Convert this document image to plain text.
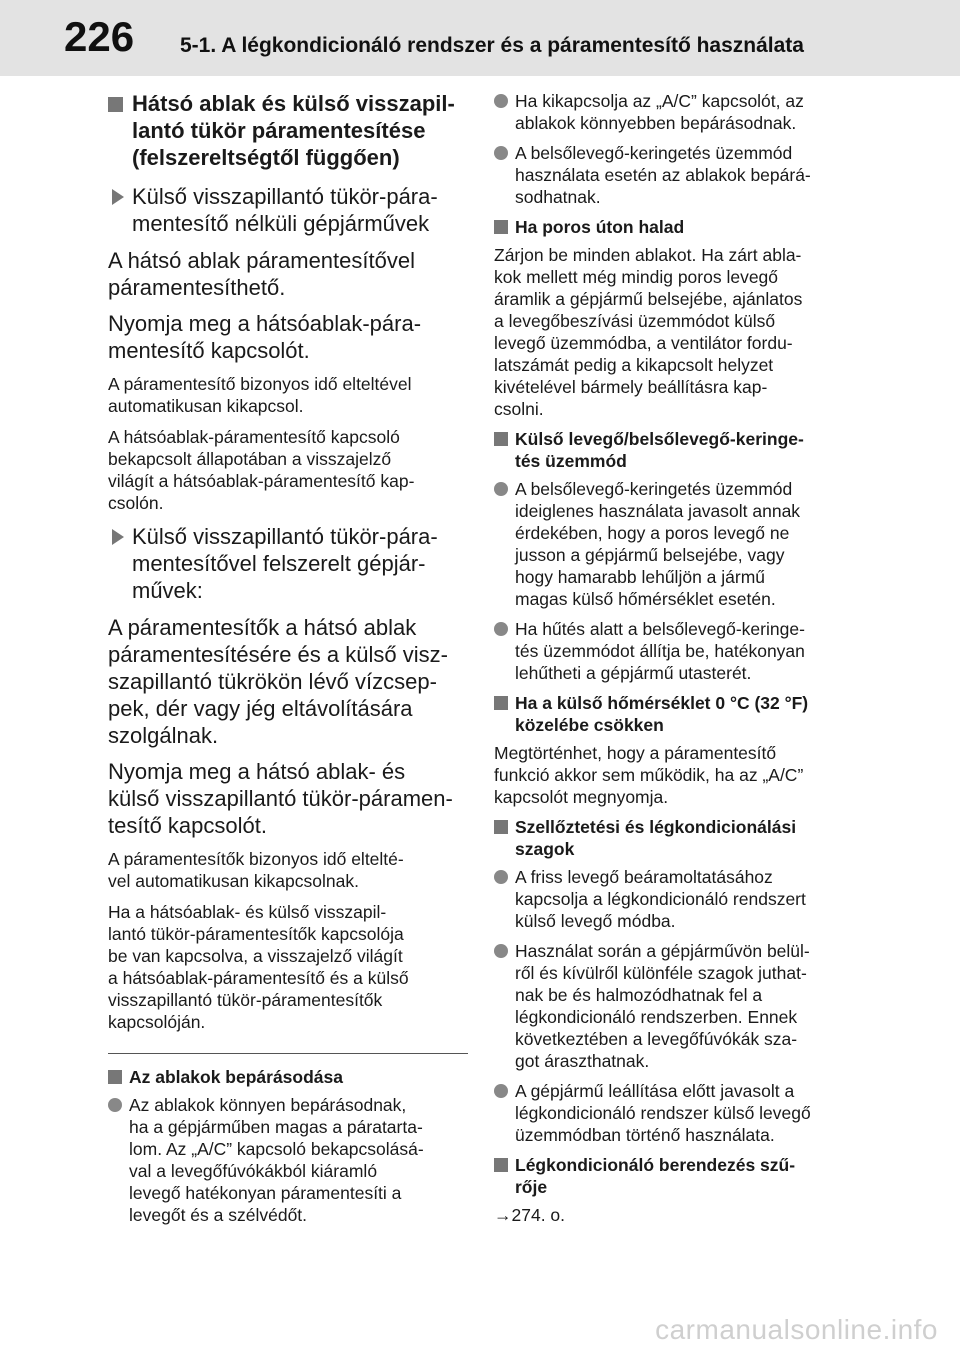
226 5-1. A légkondicionáló rendszer és a páramentesítő használata
Hátsó ablak és külső visszapil-
lantó tükör páramentesítése
(felszereltségtől függően)
Külső visszapillantó tükör-pára-
mentesítő nélküli gépjárművek
A hátsó ablak páramentesítővel
páramentesíthető.
Nyomja meg a hátsóablak-pára-
mentesítő kapcsolót.
A páramentesítő bizonyos idő elteltével
automatikusan kikapcsol.
A hátsóablak-páramentesítő kapcsoló
bekapcsolt állapotában a visszajelző
világít a hátsóablak-páramentesítő kap-
csolón.
Külső visszapillantó tükör-pára-
mentesítővel felszerelt gépjár-
művek:
A páramentesítők a hátsó ablak
páramentesítésére és a külső visz-
szapillantó tükrökön lévő vízcsep-
pek, dér vagy jég eltávolítására
szolgálnak.
Nyomja meg a hátsó ablak- és
külső visszapillantó tükör-páramen-
tesítő kapcsolót.
A páramentesítők bizonyos idő eltelté-
vel automatikusan kikapcsolnak.
Ha a hátsóablak- és külső visszapil-
lantó tükör-páramentesítők kapcsolója
be van kapcsolva, a visszajelző világít
a hátsóablak-páramentesítő és a külső
visszapillantó tükör-páramentesítők
kapcsolóján.
Az ablakok bepárásodása
Az ablakok könnyen bepárásodnak,
ha a gépjárműben magas a páratarta-
lom. Az „A/C” kapcsoló bekapcsolásá-
val a levegőfúvókákból kiáramló
levegő hatékonyan páramentesíti a
levegőt és a szélvédőt.
Ha kikapcsolja az „A/C” kapcsolót, az
ablakok könnyebben bepárásodnak.
A belsőlevegő-keringetés üzemmód
használata esetén az ablakok bepárá-
sodhatnak.
Ha poros úton halad
Zárjon be minden ablakot. Ha zárt abla-
kok mellett még mindig poros levegő
áramlik a gépjármű belsejébe, ajánlatos
a levegőbeszívási üzemmódot külső
levegő üzemmódba, a ventilátor fordu-
latszámát pedig a kikapcsolt helyzet
kivételével bármely beállításra kap-
csolni.
Külső levegő/belsőlevegő-keringe-
tés üzemmód
A belsőlevegő-keringetés üzemmód
ideiglenes használata javasolt annak
érdekében, hogy a poros levegő ne
jusson a gépjármű belsejébe, vagy
hogy hamarabb lehűljön a jármű
magas külső hőmérséklet esetén.
Ha hűtés alatt a belsőlevegő-keringe-
tés üzemmódot állítja be, hatékonyan
lehűtheti a gépjármű utasterét.
Ha a külső hőmérséklet 0 °C (32 °F)
közelébe csökken
Megtörténhet, hogy a páramentesítő
funkció akkor sem működik, ha az „A/C”
kapcsolót megnyomja.
Szellőztetési és légkondicionálási
szagok
A friss levegő beáramoltatásához
kapcsolja a légkondicionáló rendszert
külső levegő módba.
Használat során a gépjárművön belül-
ről és kívülről különféle szagok juthat-
nak be és halmozódhatnak fel a
légkondicionáló rendszerben. Ennek
következtében a levegőfúvókák sza-
got áraszthatnak.
A gépjármű leállítása előtt javasolt a
légkondicionáló rendszer külső levegő
üzemmódban történő használata.
Légkondicionáló berendezés szű-
rője
→274. o.
carmanualsonline.info
